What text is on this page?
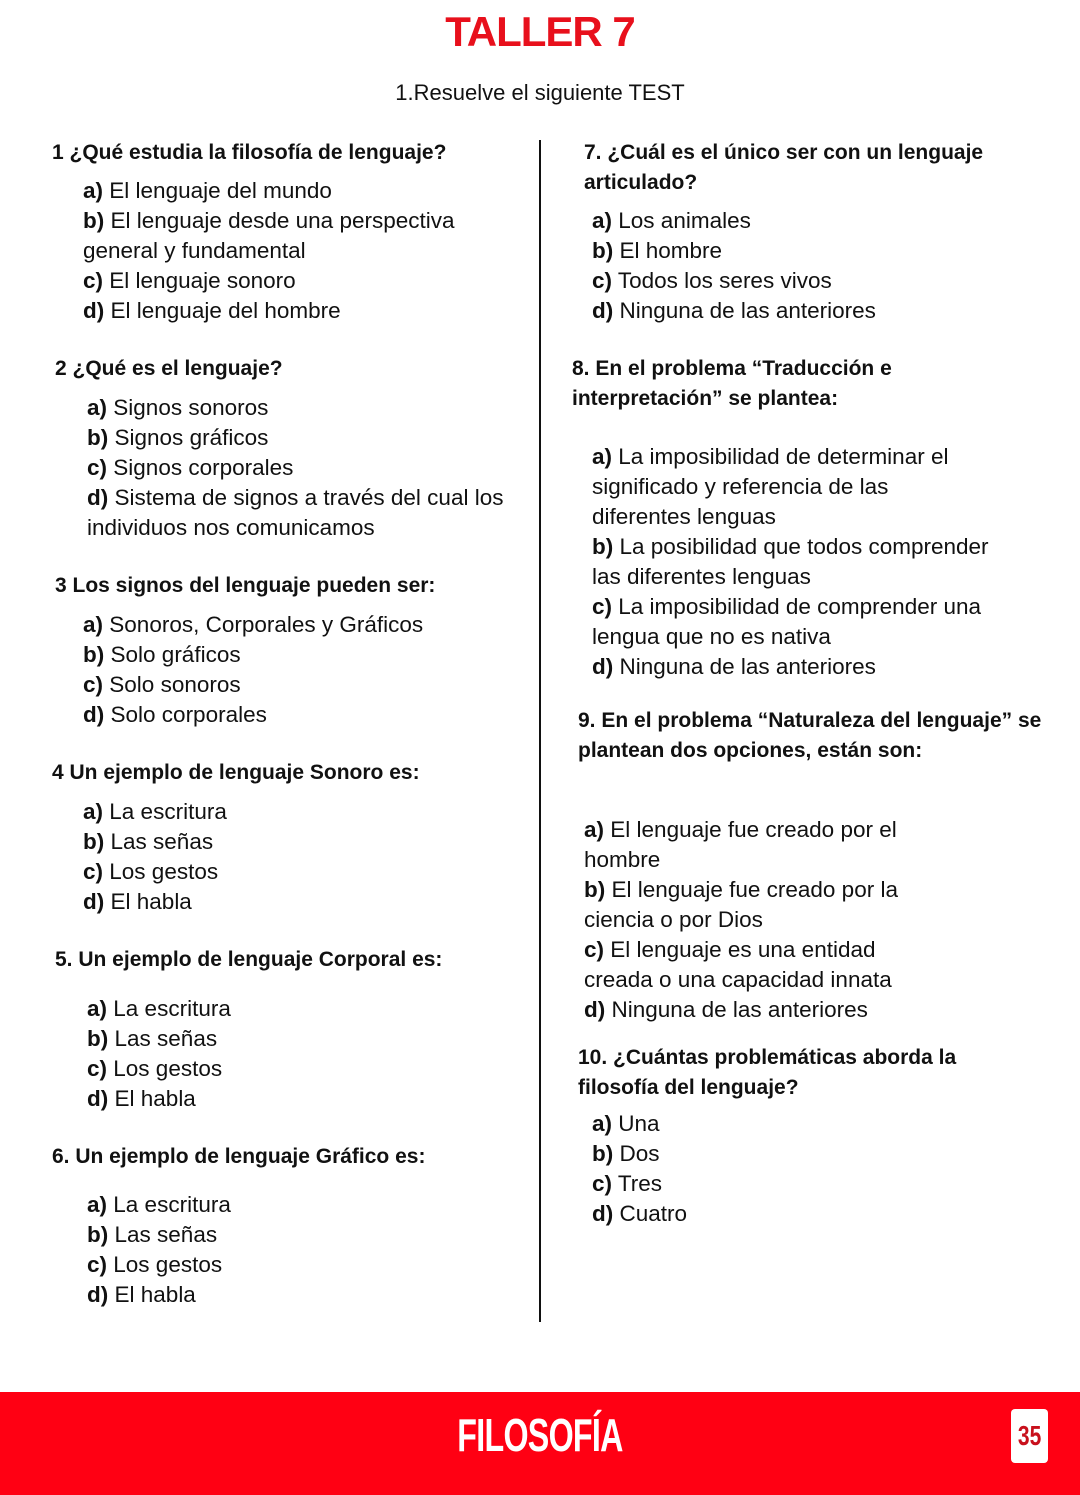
TALLER 7
1.Resuelve el siguiente TEST
1 ¿Qué estudia la filosofía de lenguaje?
a) El lenguaje del mundo
b) El lenguaje desde una perspectiva general y fundamental
c) El lenguaje sonoro
d) El lenguaje del hombre
2 ¿Qué es el lenguaje?
a) Signos sonoros
b) Signos gráficos
c) Signos corporales
d) Sistema de signos a través del cual los individuos nos comunicamos
3 Los signos del lenguaje pueden ser:
a) Sonoros, Corporales y Gráficos
b) Solo gráficos
c) Solo sonoros
d) Solo corporales
4 Un ejemplo de lenguaje Sonoro es:
a) La escritura
b) Las señas
c) Los gestos
d) El habla
5. Un ejemplo de lenguaje Corporal es:
a) La escritura
b) Las señas
c) Los gestos
d) El habla
6. Un ejemplo de lenguaje Gráfico es:
a) La escritura
b) Las señas
c) Los gestos
d) El habla
7. ¿Cuál es el único ser con un lenguaje articulado?
a) Los animales
b) El hombre
c) Todos los seres vivos
d) Ninguna de las anteriores
8. En el problema “Traducción e interpretación” se plantea:
a) La imposibilidad de determinar el significado y referencia de las diferentes lenguas
b) La posibilidad que todos comprender las diferentes lenguas
c) La imposibilidad de comprender una lengua que no es nativa
d) Ninguna de las anteriores
9. En el problema “Naturaleza del lenguaje” se plantean dos opciones, están son:
a) El lenguaje fue creado por el hombre
b) El lenguaje fue creado por la ciencia o por Dios
c) El lenguaje es una entidad creada o una capacidad innata
d) Ninguna de las anteriores
10. ¿Cuántas problemáticas aborda la filosofía del lenguaje?
a) Una
b) Dos
c) Tres
d) Cuatro
FILOSOFÍA	35
